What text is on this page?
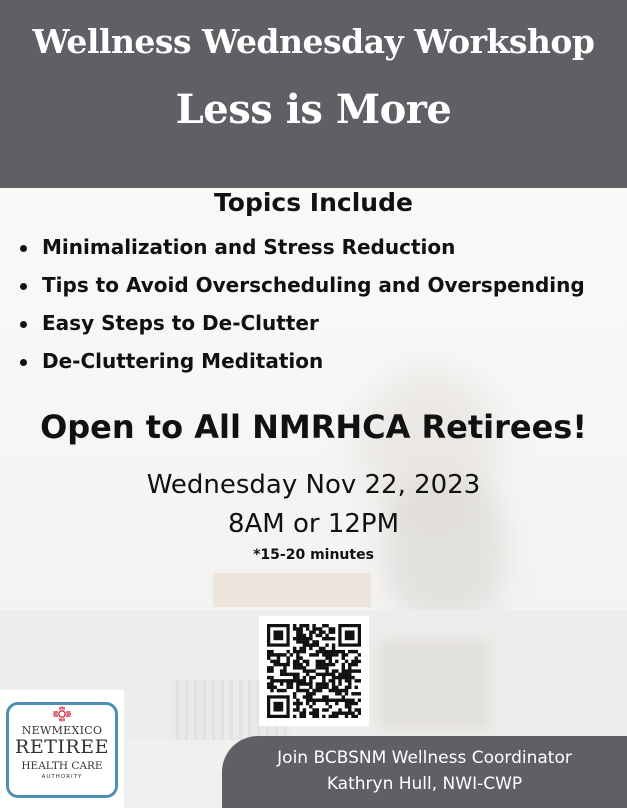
Wellness Wednesday Workshop
Less is More
Topics Include
Minimalization and Stress Reduction
Tips to Avoid Overscheduling and Overspending
Easy Steps to De-Clutter
De-Cluttering Meditation
Open to All NMRHCA Retirees!
Wednesday Nov 22, 2023
8AM or 12PM
*15-20 minutes
NEWMEXICO
RETIREE
HEALTH CARE
AUTHORITY
Join BCBSNM Wellness Coordinator
Kathryn Hull, NWI-CWP
